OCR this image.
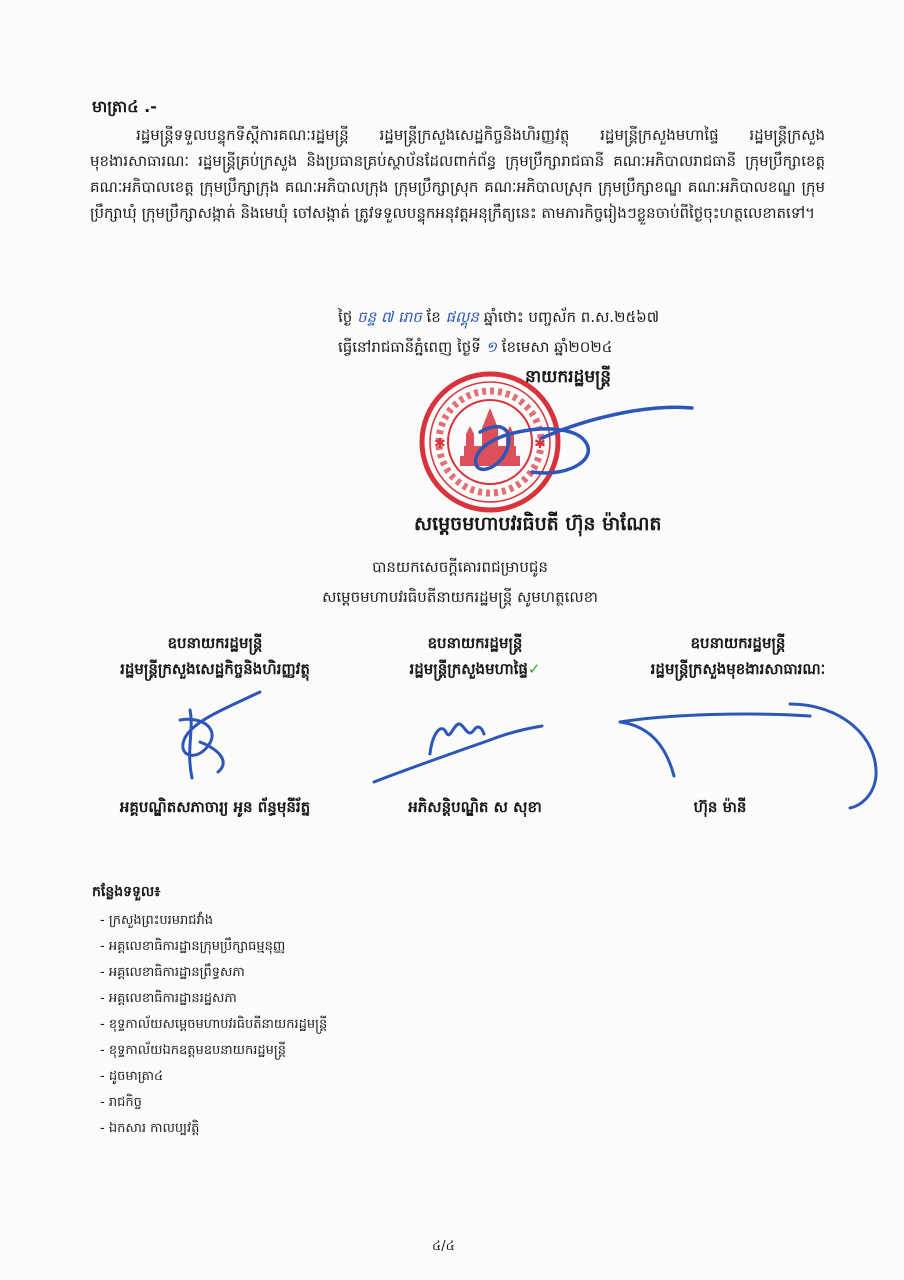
មាត្រា៤ .-
រដ្ឋមន្ត្រីទទួលបន្ទុកទីស្ដីការគណៈរដ្ឋមន្ត្រី រដ្ឋមន្ត្រីក្រសួងសេដ្ឋកិច្ចនិងហិរញ្ញវត្ថុ រដ្ឋមន្ត្រីក្រសួងមហាផ្ទៃ រដ្ឋមន្ត្រីក្រសួងមុខងារសាធារណៈ រដ្ឋមន្ត្រីគ្រប់ក្រសួង និងប្រធានគ្រប់ស្ថាប័នដែលពាក់ព័ន្ធ ក្រុមប្រឹក្សារាជធានី គណៈអភិបាលរាជធានី ក្រុមប្រឹក្សាខេត្ត គណៈអភិបាលខេត្ត ក្រុមប្រឹក្សាក្រុង គណៈអភិបាលក្រុង ក្រុមប្រឹក្សាស្រុក គណៈអភិបាលស្រុក ក្រុមប្រឹក្សាខណ្ឌ គណៈអភិបាលខណ្ឌ ក្រុមប្រឹក្សាឃុំ ក្រុមប្រឹក្សាសង្កាត់ និងមេឃុំ ចៅសង្កាត់ ត្រូវទទួលបន្ទុកអនុវត្តអនុក្រឹត្យនេះ តាមភារកិច្ចរៀងៗខ្លួនចាប់ពីថ្ងៃចុះហត្ថលេខាតទៅ។
ថ្ងៃ ចន្ទ ៧ រោច ខែ ផល្គុន ឆ្នាំថោះ បញ្ចស័ក ព.ស.២៥៦៧
ធ្វើនៅរាជធានីភ្នំពេញ ថ្ងៃទី ១ ខែមេសា ឆ្នាំ២០២៤
នាយករដ្ឋមន្ត្រី
✱	✱
សម្ដេចមហាបវរធិបតី ហ៊ុន ម៉ាណែត
បានយកសេចក្ដីគោរពជម្រាបជូន
សម្ដេចមហាបវរធិបតីនាយករដ្ឋមន្ត្រី សូមហត្ថលេខា
ឧបនាយករដ្ឋមន្ត្រី
រដ្ឋមន្ត្រីក្រសួងសេដ្ឋកិច្ចនិងហិរញ្ញវត្ថុ
អគ្គបណ្ឌិតសភាចារ្យ អូន ព័ន្ធមុនីរ័ត្ន
ឧបនាយករដ្ឋមន្ត្រី
រដ្ឋមន្ត្រីក្រសួងមហាផ្ទៃ✓
អភិសន្តិបណ្ឌិត ស សុខា
ឧបនាយករដ្ឋមន្ត្រី
រដ្ឋមន្ត្រីក្រសួងមុខងារសាធារណៈ
ហ៊ុន ម៉ានី
កន្លែងទទួល៖
- ក្រសួងព្រះបរមរាជវាំង
- អគ្គលេខាធិការដ្ឋានក្រុមប្រឹក្សាធម្មនុញ្ញ
- អគ្គលេខាធិការដ្ឋានព្រឹទ្ធសភា
- អគ្គលេខាធិការដ្ឋានរដ្ឋសភា
- ខុទ្ទកាល័យសម្ដេចមហាបវរធិបតីនាយករដ្ឋមន្ត្រី
- ខុទ្ទកាល័យឯកឧត្តមឧបនាយករដ្ឋមន្ត្រី
- ដូចមាត្រា៤
- រាជកិច្ច
- ឯកសារ កាលប្បវត្តិ
៤/៤
